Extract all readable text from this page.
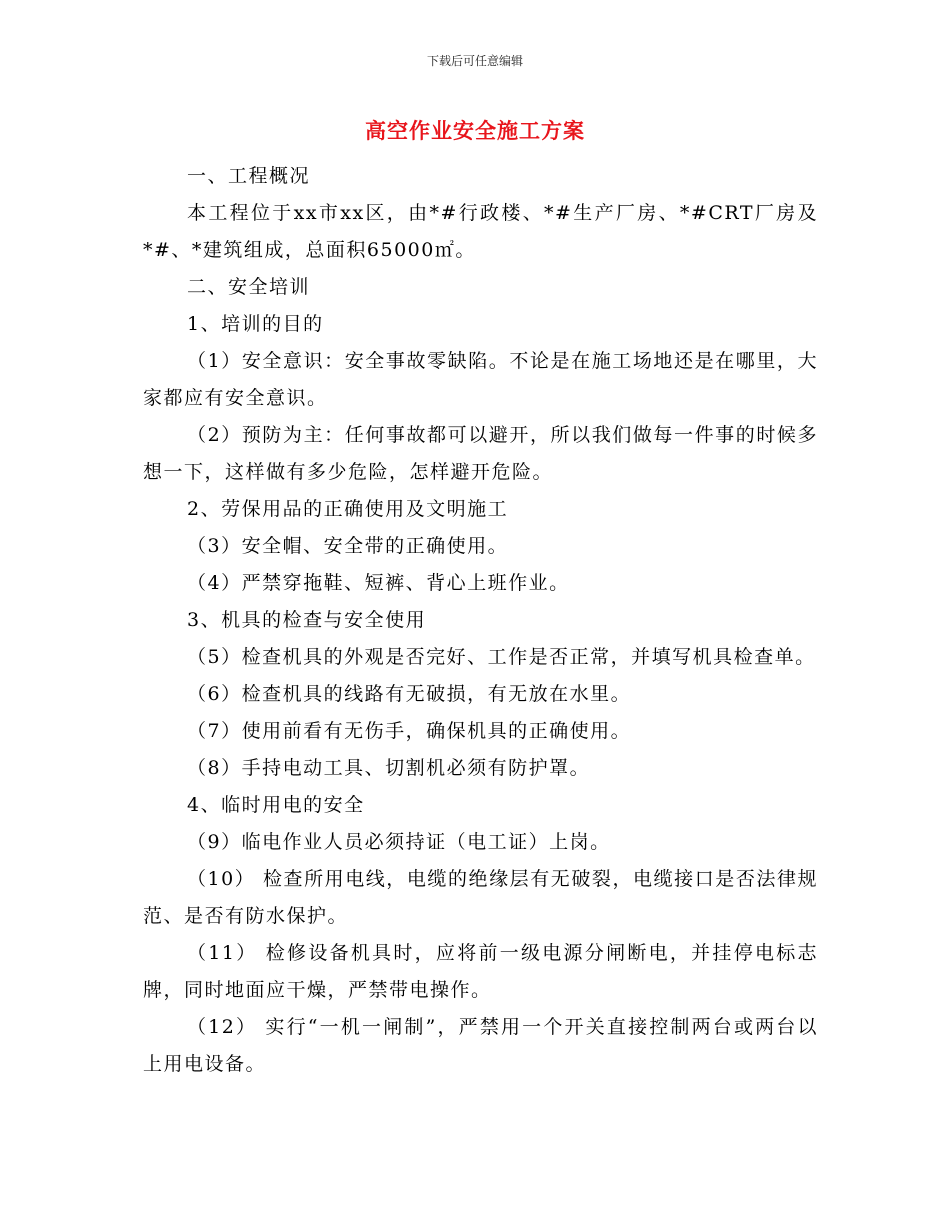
下载后可任意编辑
高空作业安全施工方案

一、工程概况

本工程位于xx市xx区，由*#行政楼、*#生产厂房、*#CRT厂房及*#、*建筑组成，总面积65000㎡。

二、安全培训

1、培训的目的

（1）安全意识：安全事故零缺陷。不论是在施工场地还是在哪里，大家都应有安全意识。

（2）预防为主：任何事故都可以避开，所以我们做每一件事的时候多想一下，这样做有多少危险，怎样避开危险。

2、劳保用品的正确使用及文明施工

（3）安全帽、安全带的正确使用。

（4）严禁穿拖鞋、短裤、背心上班作业。

3、机具的检查与安全使用

（5）检查机具的外观是否完好、工作是否正常，并填写机具检查单。

（6）检查机具的线路有无破损，有无放在水里。

（7）使用前看有无伤手，确保机具的正确使用。

（8）手持电动工具、切割机必须有防护罩。

4、临时用电的安全

（9）临电作业人员必须持证（电工证）上岗。

（10） 检查所用电线，电缆的绝缘层有无破裂，电缆接口是否法律规范、是否有防水保护。

（11） 检修设备机具时，应将前一级电源分闸断电，并挂停电标志牌，同时地面应干燥，严禁带电操作。

（12） 实行“一机一闸制”，严禁用一个开关直接控制两台或两台以上用电设备。
